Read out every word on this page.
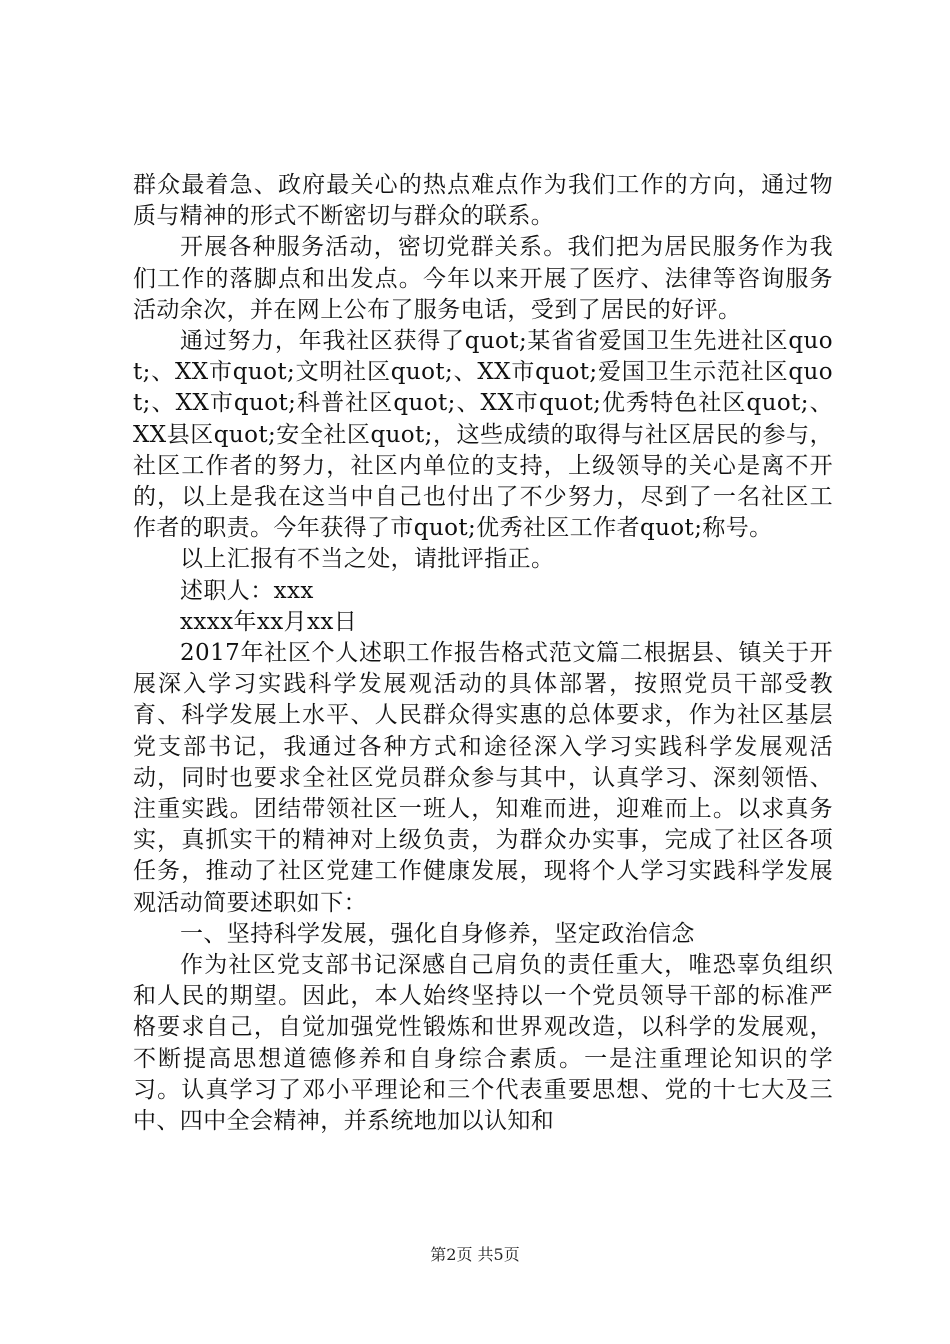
群众最着急、政府最关心的热点难点作为我们工作的方向，通过物质与精神的形式不断密切与群众的联系。

开展各种服务活动，密切党群关系。我们把为居民服务作为我们工作的落脚点和出发点。今年以来开展了医疗、法律等咨询服务活动余次，并在网上公布了服务电话，受到了居民的好评。

通过努力，年我社区获得了quot;某省省爱国卫生先进社区quot;、XX市quot;文明社区quot;、XX市quot;爱国卫生示范社区quot;、XX市quot;科普社区quot;、XX市quot;优秀特色社区quot;、XX县区quot;安全社区quot;，这些成绩的取得与社区居民的参与，社区工作者的努力，社区内单位的支持，上级领导的关心是离不开的，以上是我在这当中自己也付出了不少努力，尽到了一名社区工作者的职责。今年获得了市quot;优秀社区工作者quot;称号。

以上汇报有不当之处，请批评指正。

述职人：xxx

xxxx年xx月xx日

2017年社区个人述职工作报告格式范文篇二根据县、镇关于开展深入学习实践科学发展观活动的具体部署，按照党员干部受教育、科学发展上水平、人民群众得实惠的总体要求，作为社区基层党支部书记，我通过各种方式和途径深入学习实践科学发展观活动，同时也要求全社区党员群众参与其中，认真学习、深刻领悟、注重实践。团结带领社区一班人，知难而进，迎难而上。以求真务实，真抓实干的精神对上级负责，为群众办实事，完成了社区各项任务，推动了社区党建工作健康发展，现将个人学习实践科学发展观活动简要述职如下：

一、坚持科学发展，强化自身修养，坚定政治信念

作为社区党支部书记深感自己肩负的责任重大，唯恐辜负组织和人民的期望。因此，本人始终坚持以一个党员领导干部的标准严格要求自己，自觉加强党性锻炼和世界观改造，以科学的发展观，不断提高思想道德修养和自身综合素质。一是注重理论知识的学习。认真学习了邓小平理论和三个代表重要思想、党的十七大及三中、四中全会精神，并系统地加以认知和

第2页 共5页
